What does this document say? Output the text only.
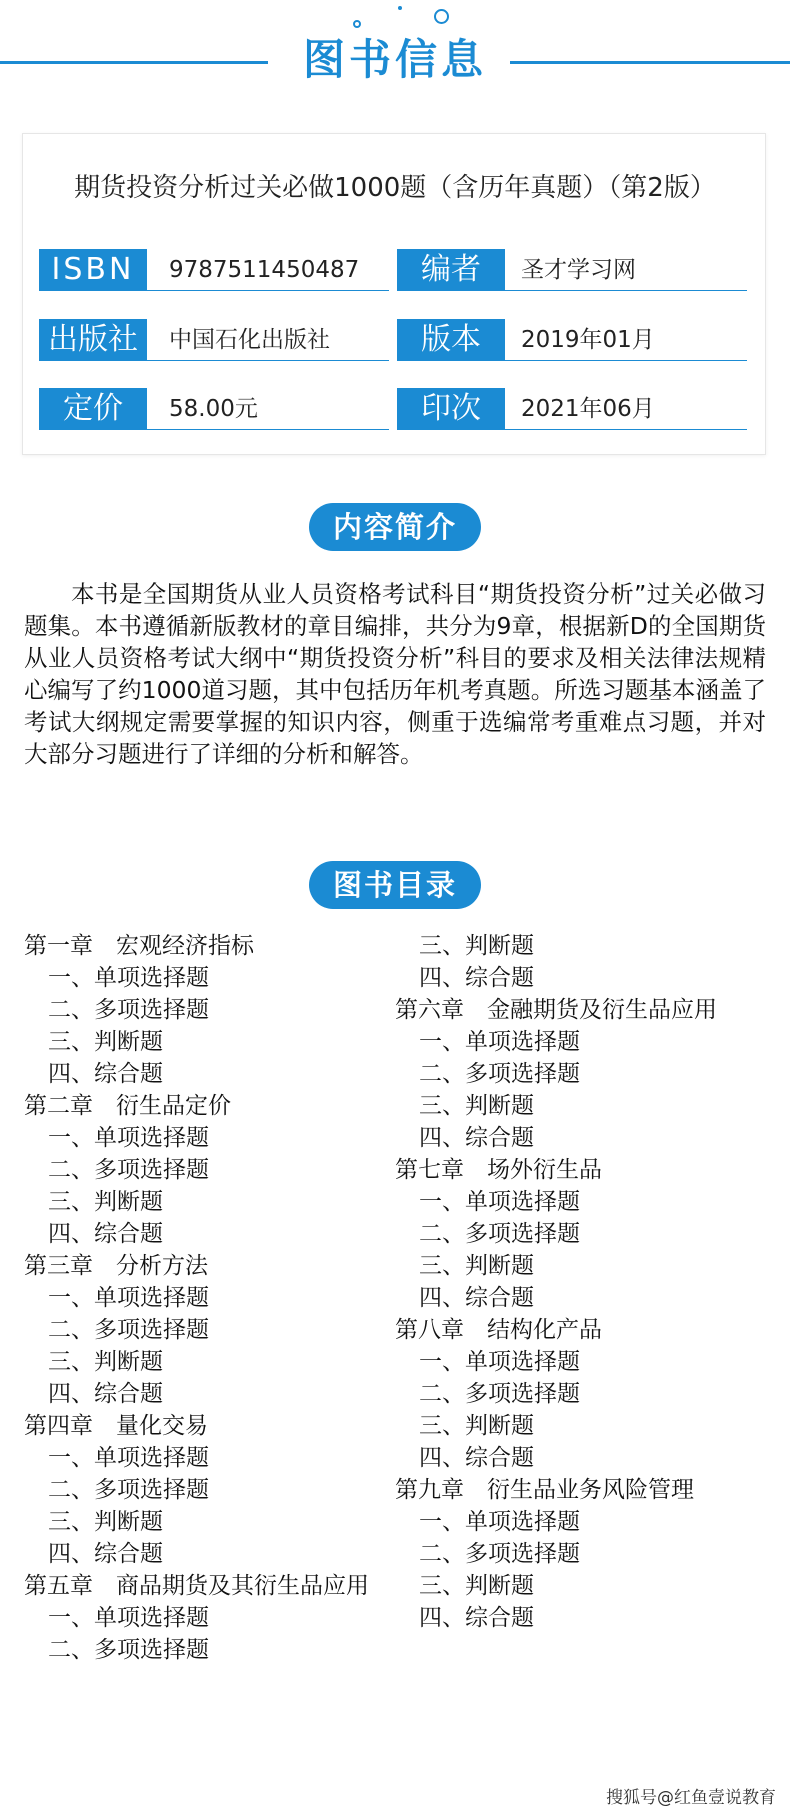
图书信息
期货投资分析过关必做1000题（含历年真题）（第2版）
ISBN	9787511450487	编者	圣才学习网
出版社	中国石化出版社	版本	2019年01月
定价	58.00元	印次	2021年06月
内容简介

本书是全国期货从业人员资格考试科目“期货投资分析”过关必做习题集。本书遵循新版教材的章目编排，共分为9章，根据新D的全国期货从业人员资格考试大纲中“期货投资分析”科目的要求及相关法律法规精心编写了约1000道习题，其中包括历年机考真题。所选习题基本涵盖了考试大纲规定需要掌握的知识内容，侧重于选编常考重难点习题，并对大部分习题进行了详细的分析和解答。

图书目录
第一章　宏观经济指标
一、单项选择题
二、多项选择题
三、判断题
四、综合题
第二章　衍生品定价
一、单项选择题
二、多项选择题
三、判断题
四、综合题
第三章　分析方法
一、单项选择题
二、多项选择题
三、判断题
四、综合题
第四章　量化交易
一、单项选择题
二、多项选择题
三、判断题
四、综合题
第五章　商品期货及其衍生品应用
一、单项选择题
二、多项选择题
三、判断题
四、综合题
第六章　金融期货及衍生品应用
一、单项选择题
二、多项选择题
三、判断题
四、综合题
第七章　场外衍生品
一、单项选择题
二、多项选择题
三、判断题
四、综合题
第八章　结构化产品
一、单项选择题
二、多项选择题
三、判断题
四、综合题
第九章　衍生品业务风险管理
一、单项选择题
二、多项选择题
三、判断题
四、综合题
搜狐号@红鱼壹说教育
